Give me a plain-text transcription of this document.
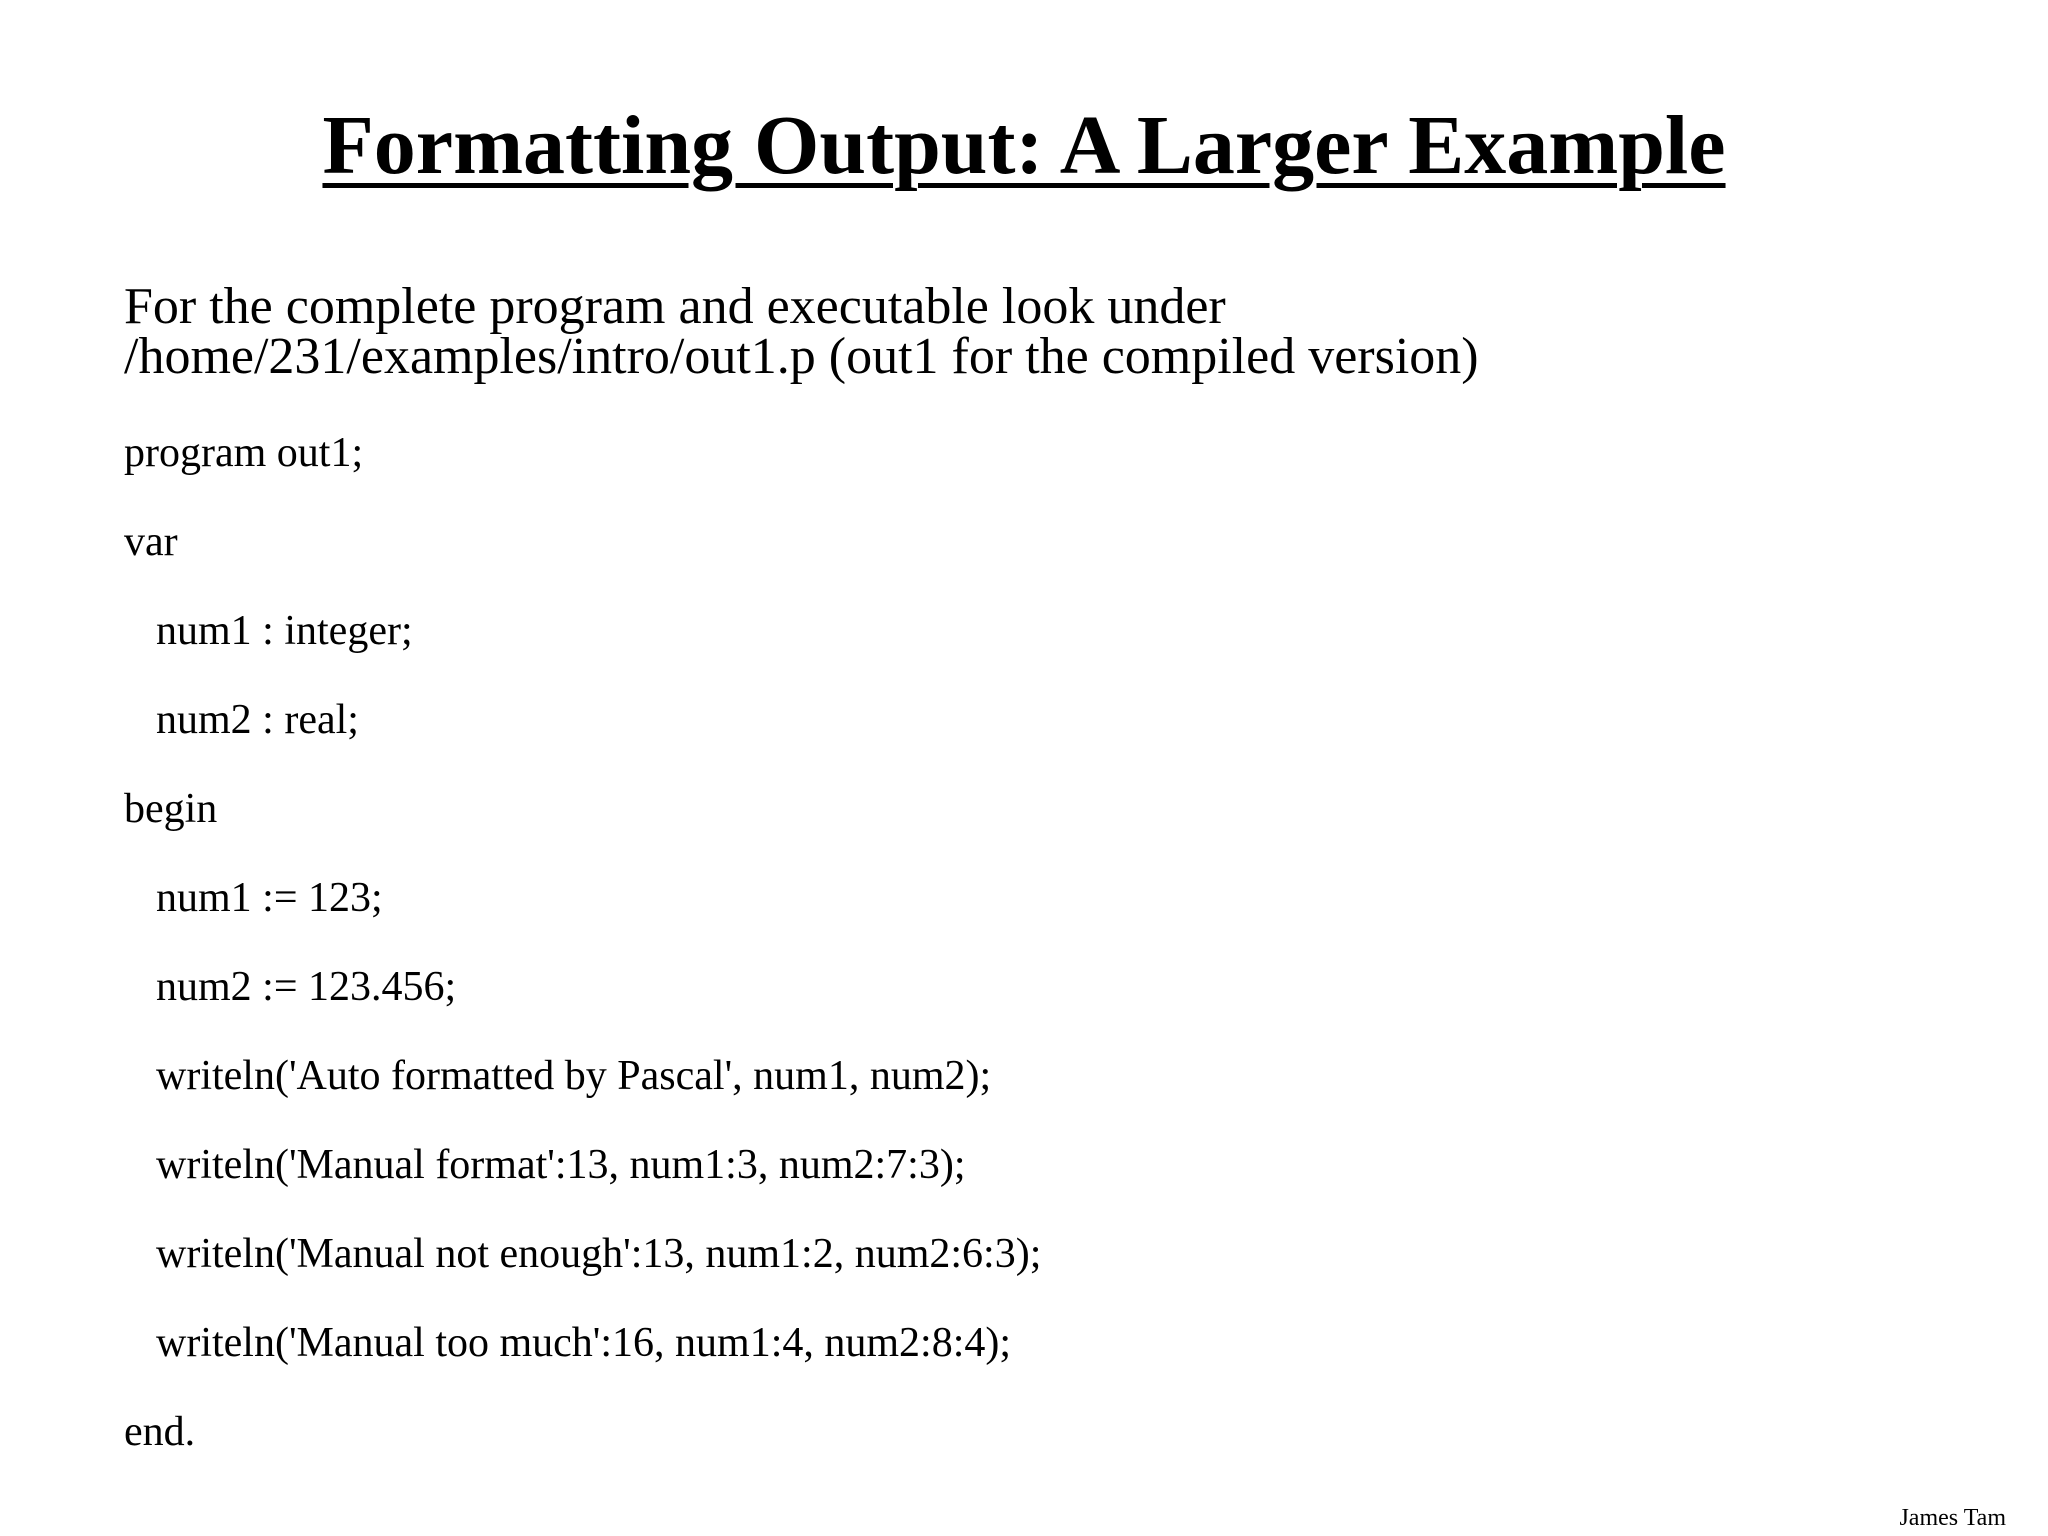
Formatting Output: A Larger Example
For the complete program and executable look under
/home/231/examples/intro/out1.p (out1 for the compiled version)
program out1;
var
num1 : integer;
num2 : real;
begin
num1 := 123;
num2 := 123.456;
writeln('Auto formatted by Pascal', num1, num2);
writeln('Manual format':13, num1:3, num2:7:3);
writeln('Manual not enough':13, num1:2, num2:6:3);
writeln('Manual too much':16, num1:4, num2:8:4);
end.
James Tam
